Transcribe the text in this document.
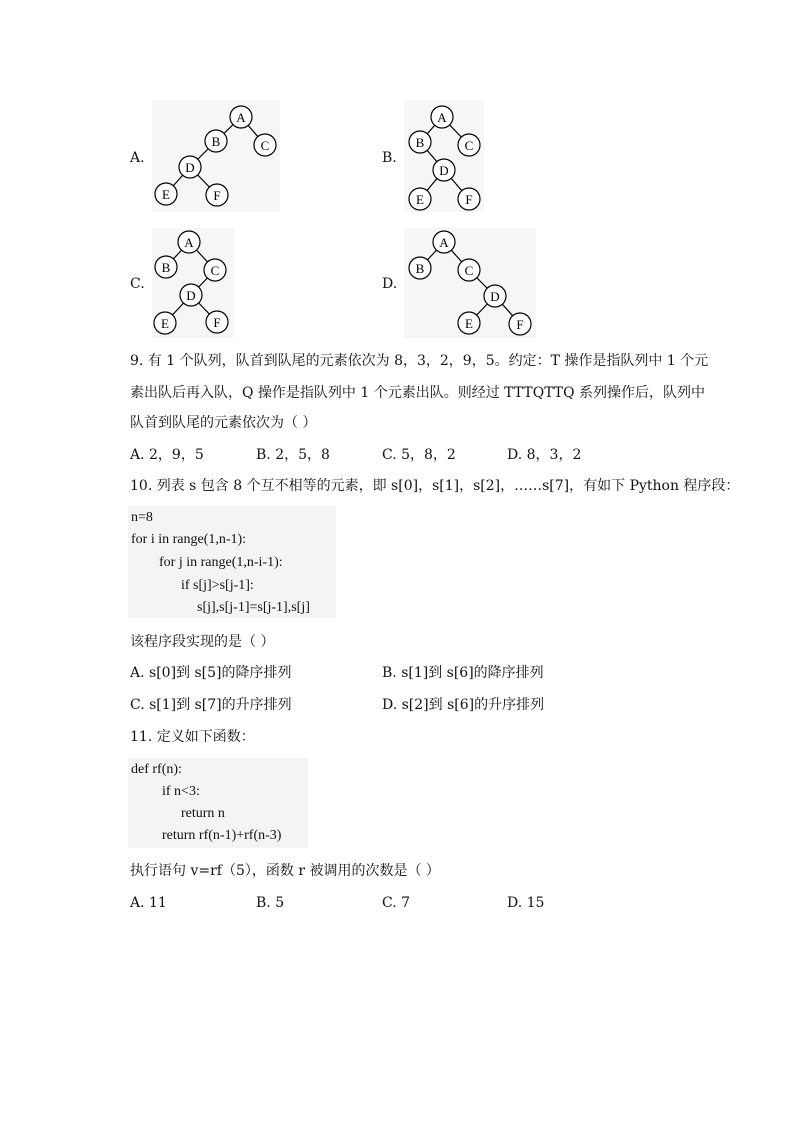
A.
A
B	C
D
E	F
B.
A
B	C
D
E	F
C.
A
B	C
D
E	F
D.
A
B	C
D
E	F
9. 有 1 个队列，队首到队尾的元素依次为 8，3，2，9，5。约定：T 操作是指队列中 1 个元
素出队后再入队，Q 操作是指队列中 1 个元素出队。则经过 TTTQTTQ 系列操作后，队列中
队首到队尾的元素依次为（ ）
A. 2，9，5	B. 2，5，8	C. 5，8，2	D. 8，3，2
10. 列表 s 包含 8 个互不相等的元素，即 s[0]，s[1]，s[2]，……s[7]，有如下 Python 程序段：
n=8
for i in range(1,n-1):
for j in range(1,n-i-1):
if s[j]>s[j-1]:
s[j],s[j-1]=s[j-1],s[j]
该程序段实现的是（ ）
A. s[0]到 s[5]的降序排列	B. s[1]到 s[6]的降序排列
C. s[1]到 s[7]的升序排列	D. s[2]到 s[6]的升序排列
11. 定义如下函数：
def rf(n):
if n<3:
return n
return rf(n-1)+rf(n-3)
执行语句 v=rf（5），函数 r 被调用的次数是（ ）
A. 11	B. 5	C. 7	D. 15
